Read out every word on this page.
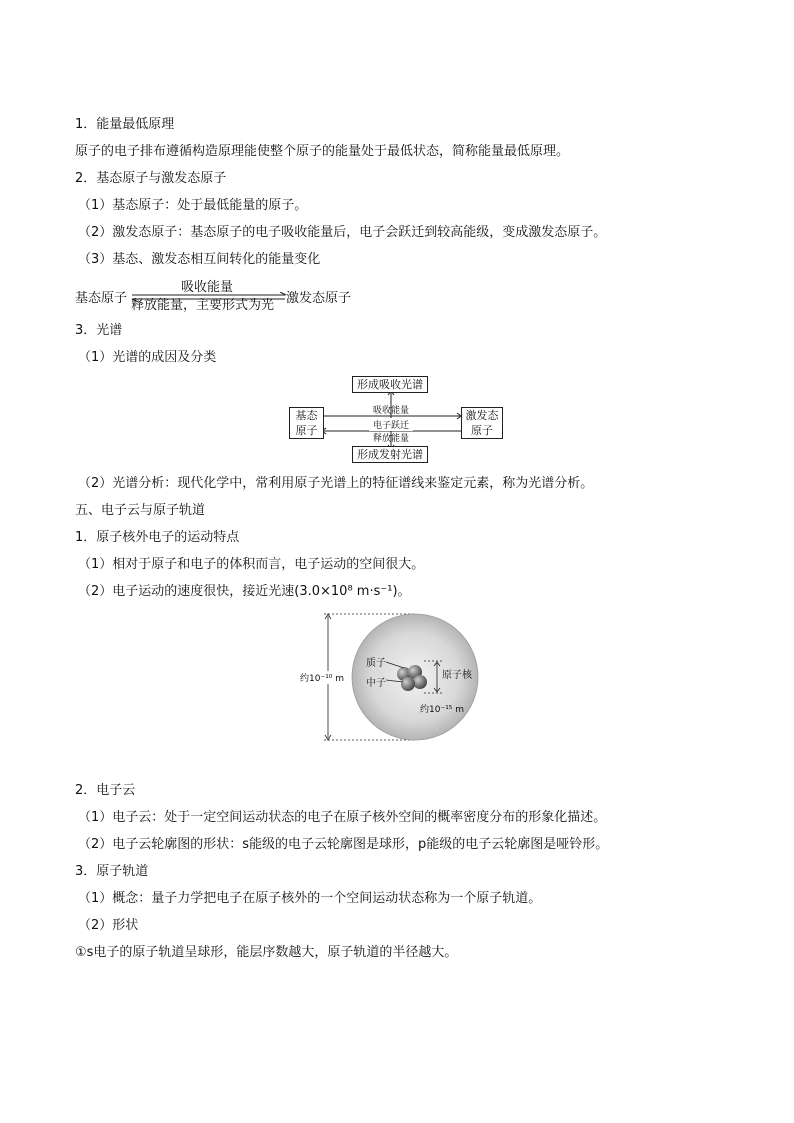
1．能量最低原理
原子的电子排布遵循构造原理能使整个原子的能量处于最低状态，简称能量最低原理。
2．基态原子与激发态原子
（1）基态原子：处于最低能量的原子。
（2）激发态原子：基态原子的电子吸收能量后，电子会跃迁到较高能级，变成激发态原子。
（3）基态、激发态相互间转化的能量变化
基态原子
吸收能量
释放能量，主要形式为光 激发态原子
3．光谱
（1）光谱的成因及分类
形成吸收光谱
基态
原子
激发态
原子
形成发射光谱
吸收能量
电子跃迁
释放能量
（2）光谱分析：现代化学中，常利用原子光谱上的特征谱线来鉴定元素，称为光谱分析。
五、电子云与原子轨道
1．原子核外电子的运动特点
（1）相对于原子和电子的体积而言，电子运动的空间很大。
（2）电子运动的速度很快，接近光速(3.0×10⁸ m·s⁻¹)。
约10⁻¹⁰ m
质子
中子
原子核
约10⁻¹⁵ m
2．电子云
（1）电子云：处于一定空间运动状态的电子在原子核外空间的概率密度分布的形象化描述。
（2）电子云轮廓图的形状：s能级的电子云轮廓图是球形，p能级的电子云轮廓图是哑铃形。
3．原子轨道
（1）概念：量子力学把电子在原子核外的一个空间运动状态称为一个原子轨道。
（2）形状
①s电子的原子轨道呈球形，能层序数越大，原子轨道的半径越大。
